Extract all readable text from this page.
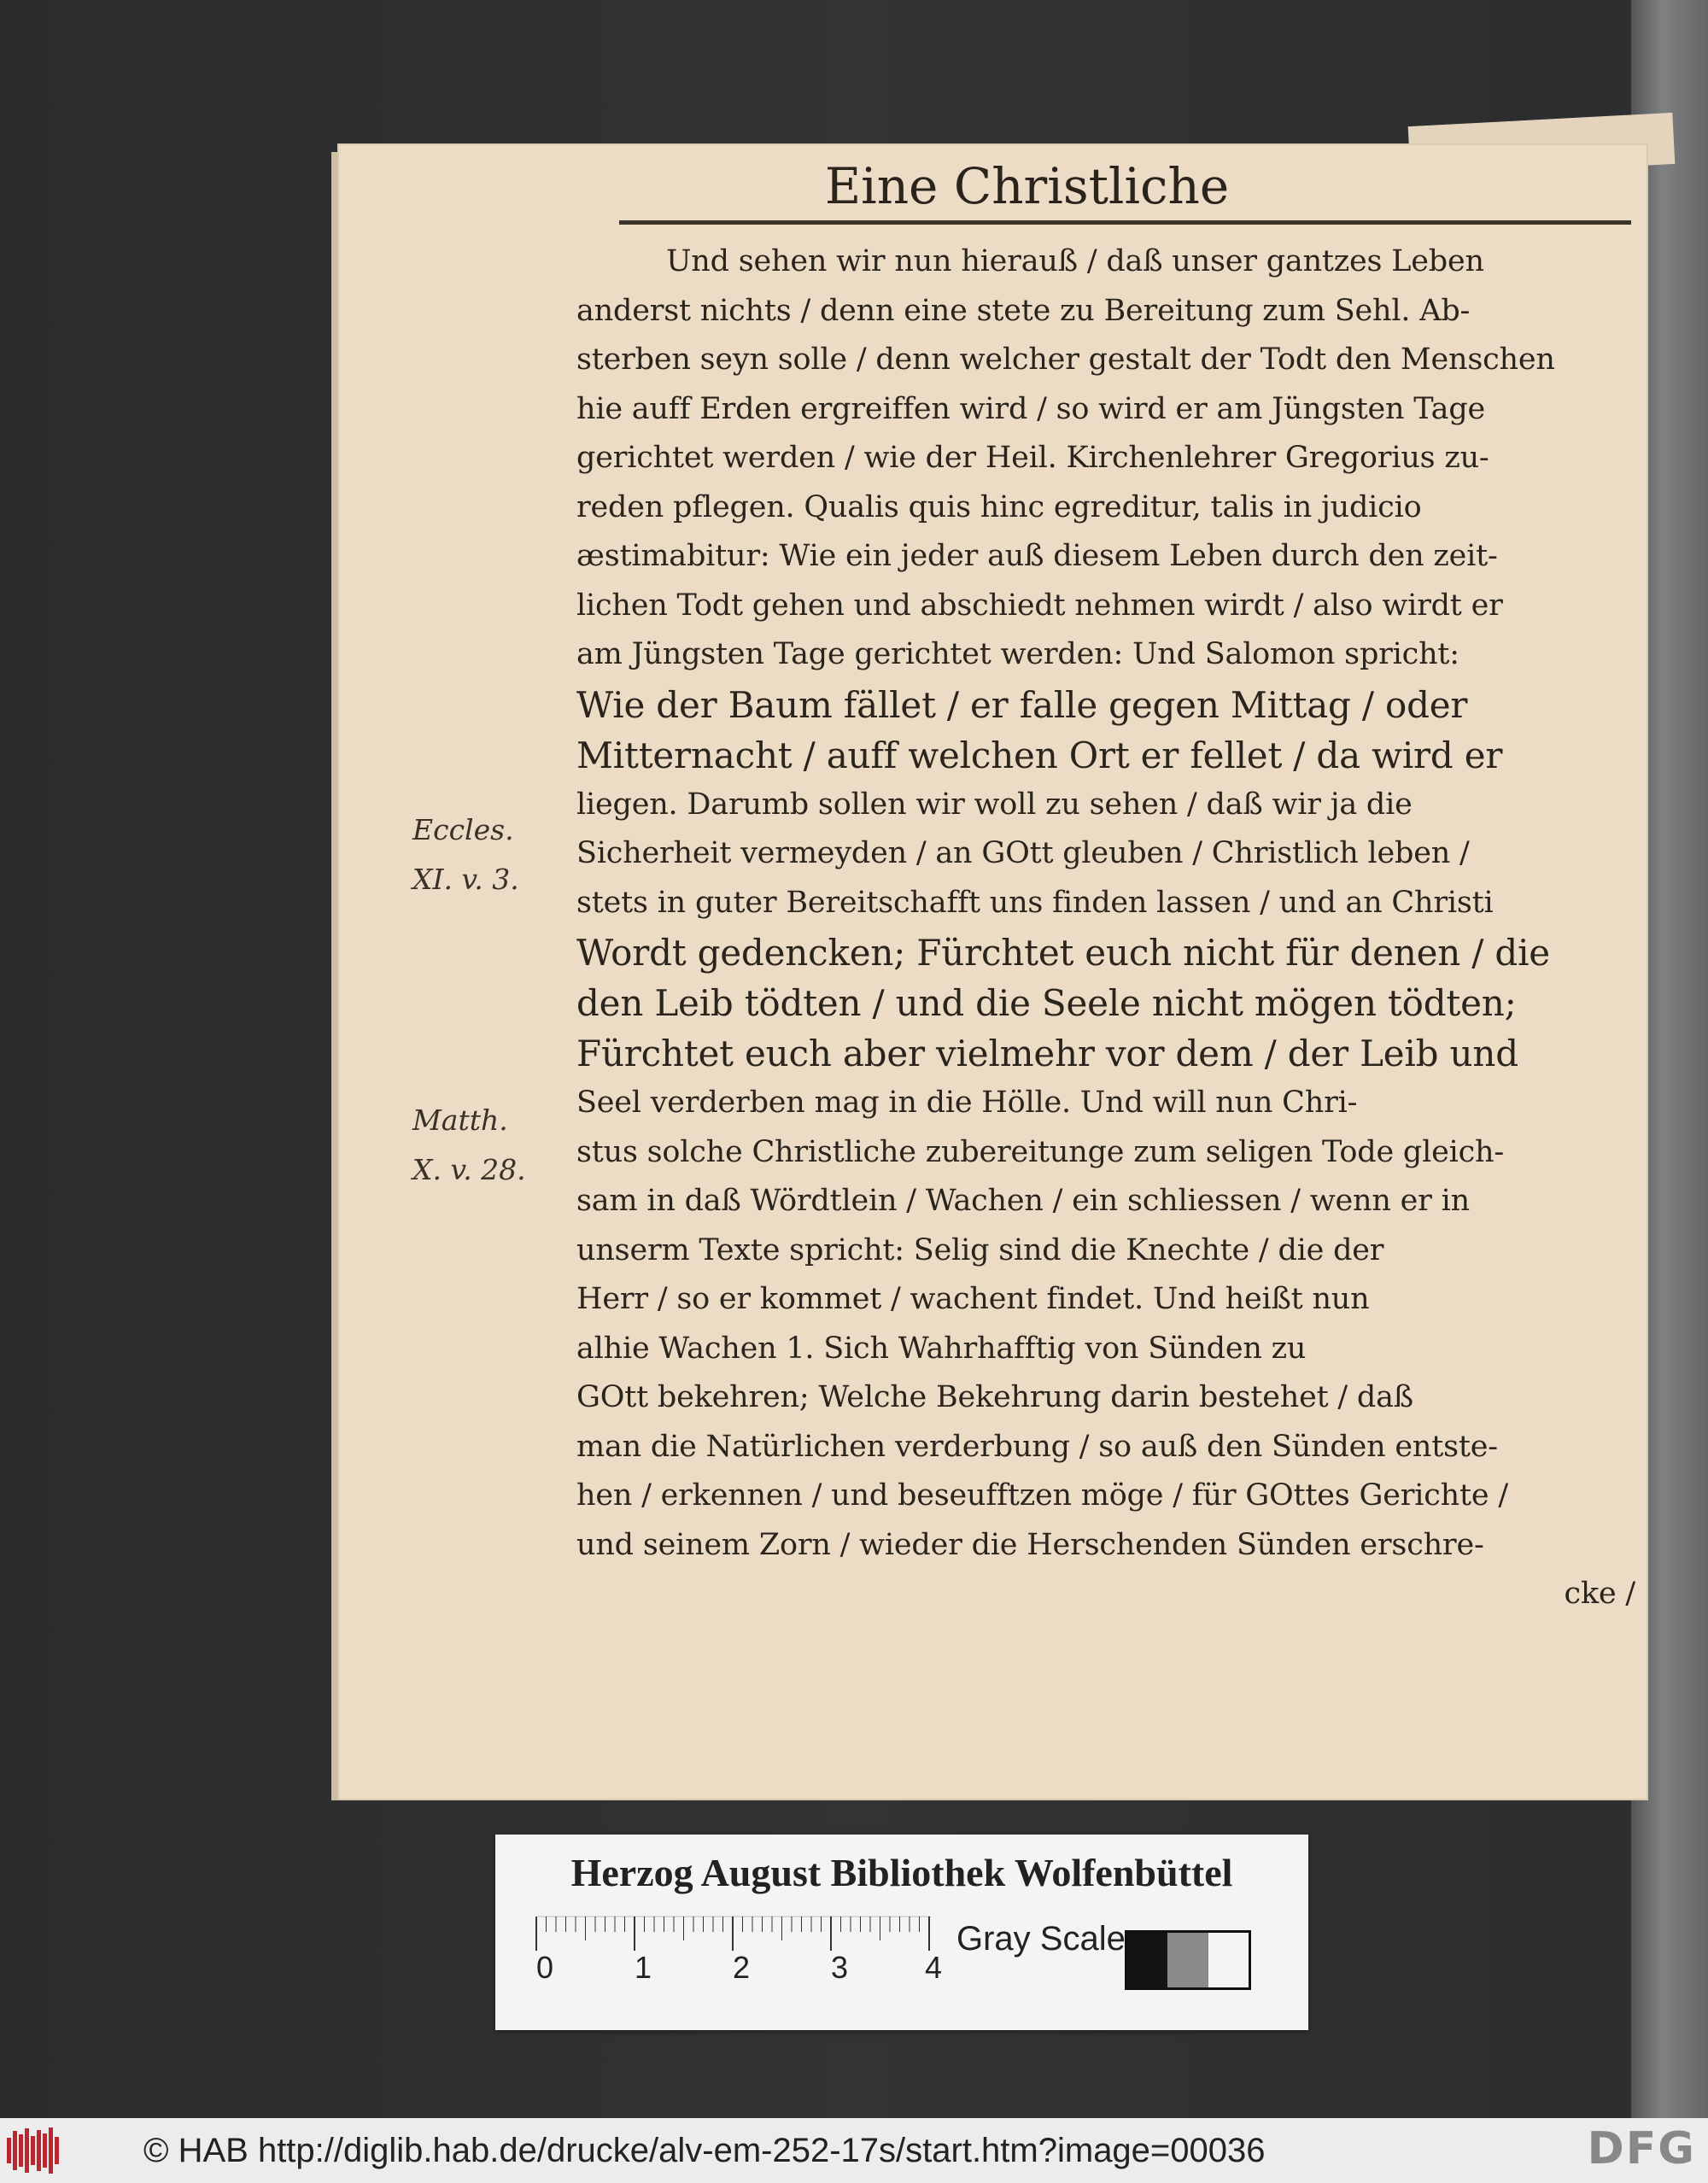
Eine Christliche
Eccles.
XI. v. 3.
Matth.
X. v. 28.
Und sehen wir nun hierauß / daß unser gantzes Leben
anderst nichts / denn eine stete zu Bereitung zum Sehl. Ab-
sterben seyn solle / denn welcher gestalt der Todt den Menschen
hie auff Erden ergreiffen wird / so wird er am Jüngsten Tage
gerichtet werden / wie der Heil. Kirchenlehrer Gregorius zu-
reden pflegen. Qualis quis hinc egreditur, talis in judicio
æstimabitur: Wie ein jeder auß diesem Leben durch den zeit-
lichen Todt gehen und abschiedt nehmen wirdt / also wirdt er
am Jüngsten Tage gerichtet werden: Und Salomon spricht:
Wie der Baum fället / er falle gegen Mittag / oder
Mitternacht / auff welchen Ort er fellet / da wird er
liegen. Darumb sollen wir woll zu sehen / daß wir ja die
Sicherheit vermeyden / an GOtt gleuben / Christlich leben /
stets in guter Bereitschafft uns finden lassen / und an Christi
Wordt gedencken; Fürchtet euch nicht für denen / die
den Leib tödten / und die Seele nicht mögen tödten;
Fürchtet euch aber vielmehr vor dem / der Leib und
Seel verderben mag in die Hölle. Und will nun Chri-
stus solche Christliche zubereitunge zum seligen Tode gleich-
sam in daß Wördtlein / Wachen / ein schliessen / wenn er in
unserm Texte spricht: Selig sind die Knechte / die der
Herr / so er kommet / wachent findet. Und heißt nun
alhie Wachen 1. Sich Wahrhafftig von Sünden zu
GOtt bekehren; Welche Bekehrung darin bestehet / daß
man die Natürlichen verderbung / so auß den Sünden entste-
hen / erkennen / und beseufftzen möge / für GOttes Gerichte /
und seinem Zorn / wieder die Herschenden Sünden erschre-
cke /
Herzog August Bibliothek Wolfenbüttel
0	1	2	3 4
Gray Scale
© HAB http://diglib.hab.de/drucke/alv-em-252-17s/start.htm?image=00036	DFG
